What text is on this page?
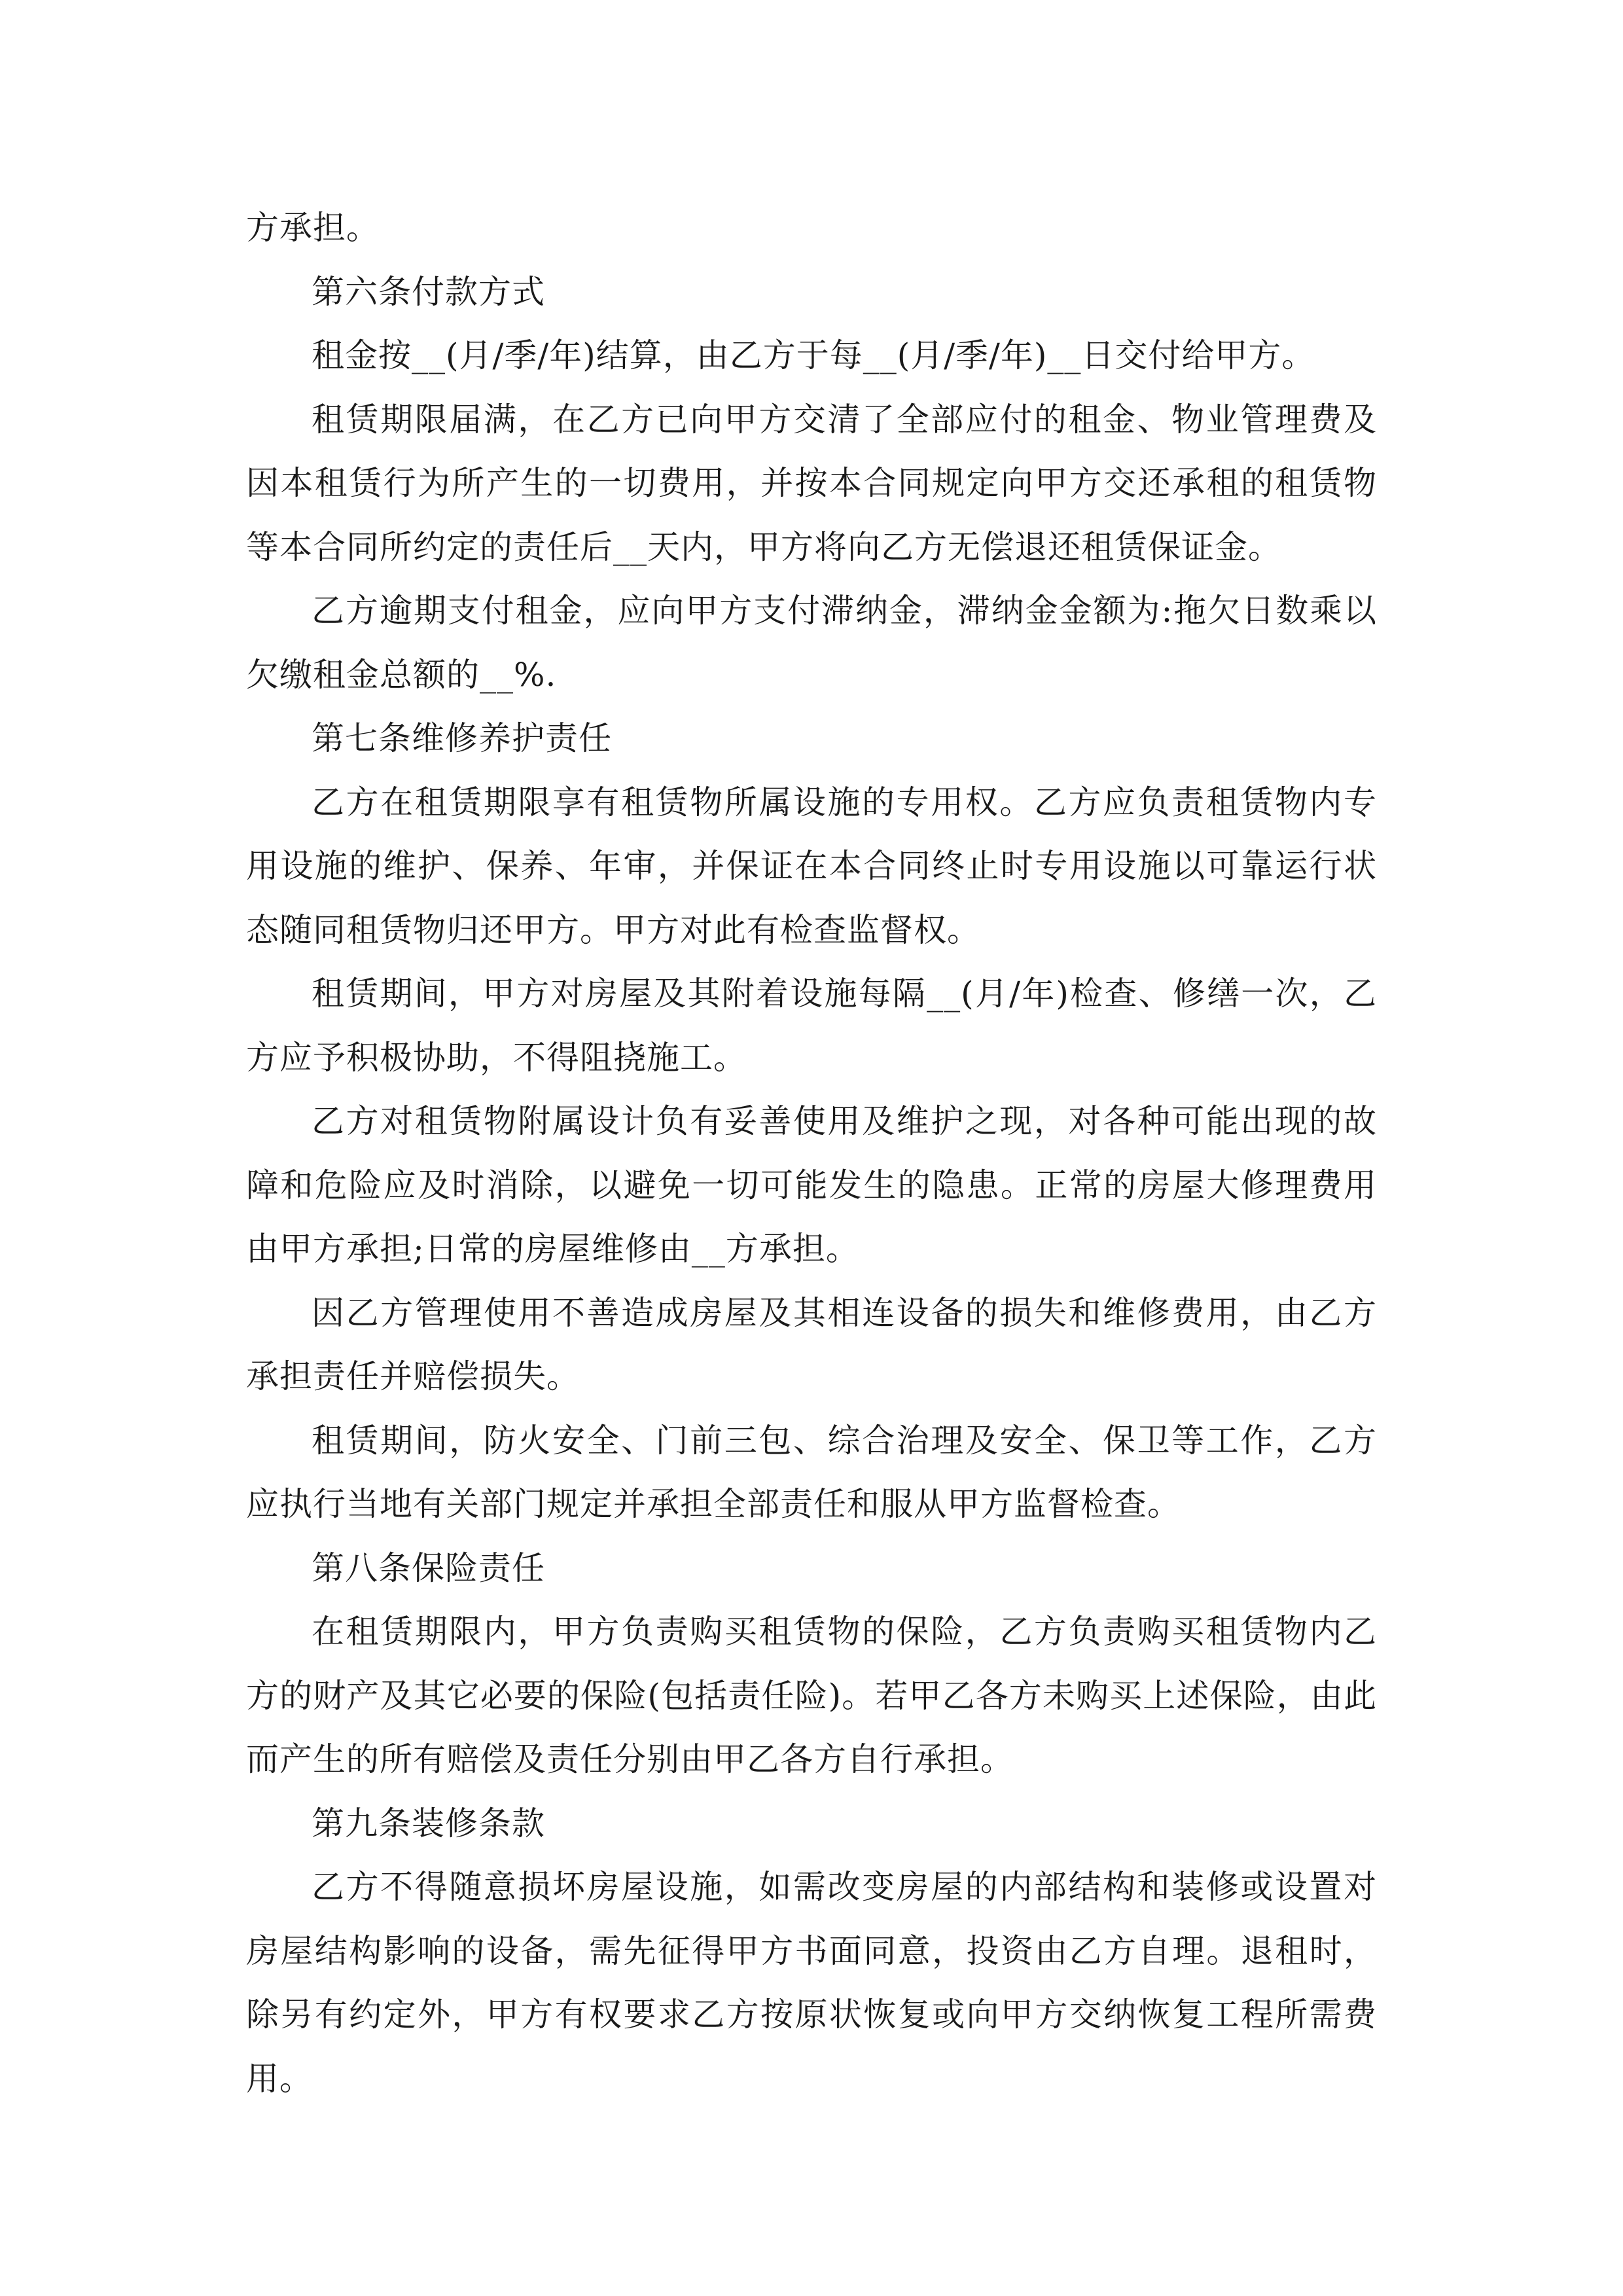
方承担。

第六条付款方式

租金按__(月/季/年)结算，由乙方于每__(月/季/年)__日交付给甲方。

租赁期限届满，在乙方已向甲方交清了全部应付的租金、物业管理费及因本租赁行为所产生的一切费用，并按本合同规定向甲方交还承租的租赁物等本合同所约定的责任后__天内，甲方将向乙方无偿退还租赁保证金。

乙方逾期支付租金，应向甲方支付滞纳金，滞纳金金额为:拖欠日数乘以欠缴租金总额的__%.

第七条维修养护责任

乙方在租赁期限享有租赁物所属设施的专用权。乙方应负责租赁物内专用设施的维护、保养、年审，并保证在本合同终止时专用设施以可靠运行状态随同租赁物归还甲方。甲方对此有检查监督权。

租赁期间，甲方对房屋及其附着设施每隔__(月/年)检查、修缮一次，乙方应予积极协助，不得阻挠施工。

乙方对租赁物附属设计负有妥善使用及维护之现，对各种可能出现的故障和危险应及时消除，以避免一切可能发生的隐患。正常的房屋大修理费用由甲方承担;日常的房屋维修由__方承担。

因乙方管理使用不善造成房屋及其相连设备的损失和维修费用，由乙方承担责任并赔偿损失。

租赁期间，防火安全、门前三包、综合治理及安全、保卫等工作，乙方应执行当地有关部门规定并承担全部责任和服从甲方监督检查。

第八条保险责任

在租赁期限内，甲方负责购买租赁物的保险，乙方负责购买租赁物内乙方的财产及其它必要的保险(包括责任险)。若甲乙各方未购买上述保险，由此而产生的所有赔偿及责任分别由甲乙各方自行承担。

第九条装修条款

乙方不得随意损坏房屋设施，如需改变房屋的内部结构和装修或设置对房屋结构影响的设备，需先征得甲方书面同意，投资由乙方自理。退租时，除另有约定外，甲方有权要求乙方按原状恢复或向甲方交纳恢复工程所需费用。
